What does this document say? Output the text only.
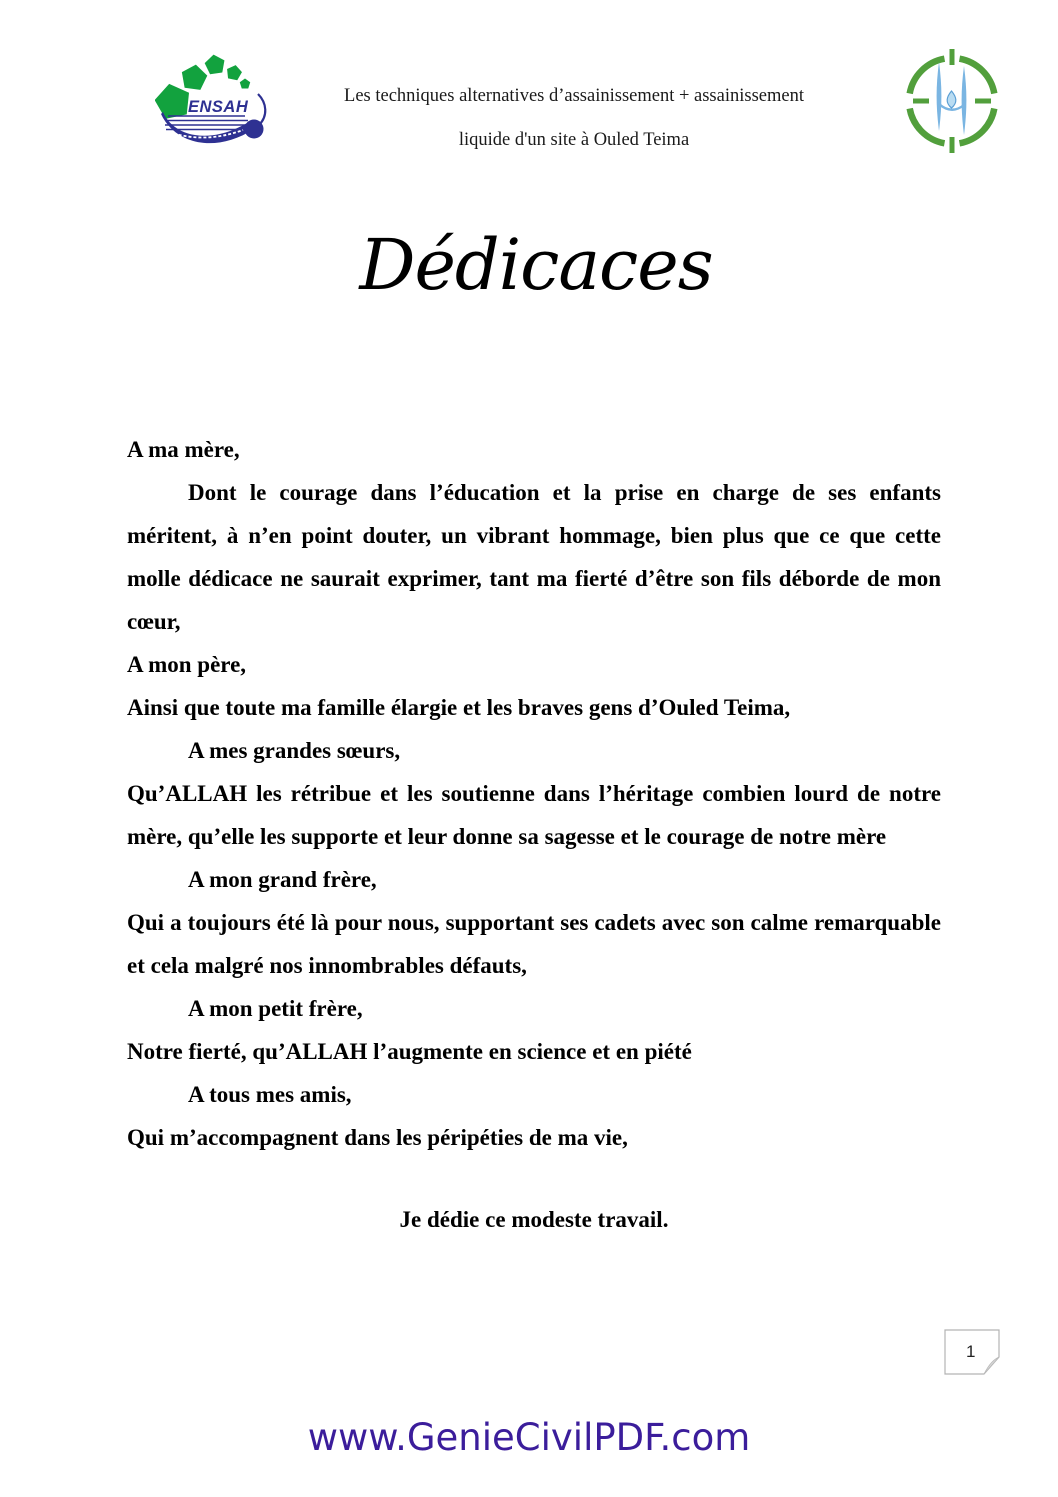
ENSAH
Les techniques alternatives d’assainissement + assainissement
liquide d'un site à Ouled Teima
Dédicaces

A ma mère,

Dont le courage dans l’éducation et la prise en charge de ses enfants méritent, à n’en point douter, un vibrant hommage, bien plus que ce que cette molle dédicace ne saurait exprimer, tant ma fierté d’être son fils déborde de mon cœur,

A mon père,

Ainsi que toute ma famille élargie et les braves gens d’Ouled Teima,

A mes grandes sœurs,

Qu’ALLAH les rétribue et les soutienne dans l’héritage combien lourd de notre mère, qu’elle les supporte et leur donne sa sagesse et le courage de notre mère

A mon grand frère,

Qui a toujours été là pour nous, supportant ses cadets avec son calme remarquable et cela malgré nos innombrables défauts,

A mon petit frère,

Notre fierté, qu’ALLAH l’augmente en science et en piété

A tous mes amis,

Qui m’accompagnent dans les péripéties de ma vie,

Je dédie ce modeste travail.

1
www.GenieCivilPDF.com
